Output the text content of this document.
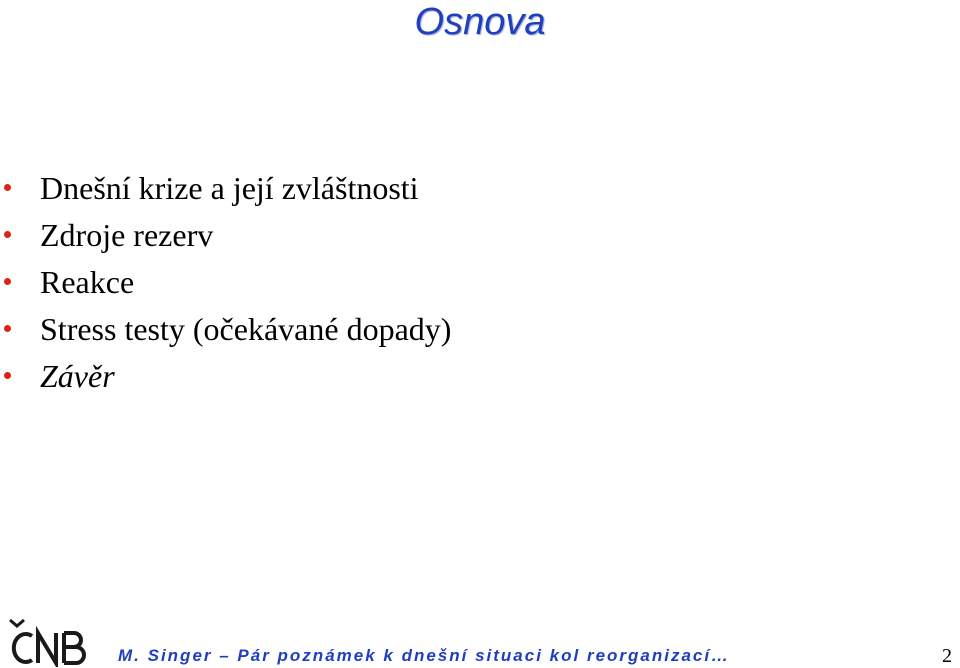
Osnova
Dnešní krize a její zvláštnosti
Zdroje rezerv
Reakce
Stress testy (očekávané dopady)
Závěr
M. Singer – Pár poznámek k dnešní situaci kol reorganizací…	2
